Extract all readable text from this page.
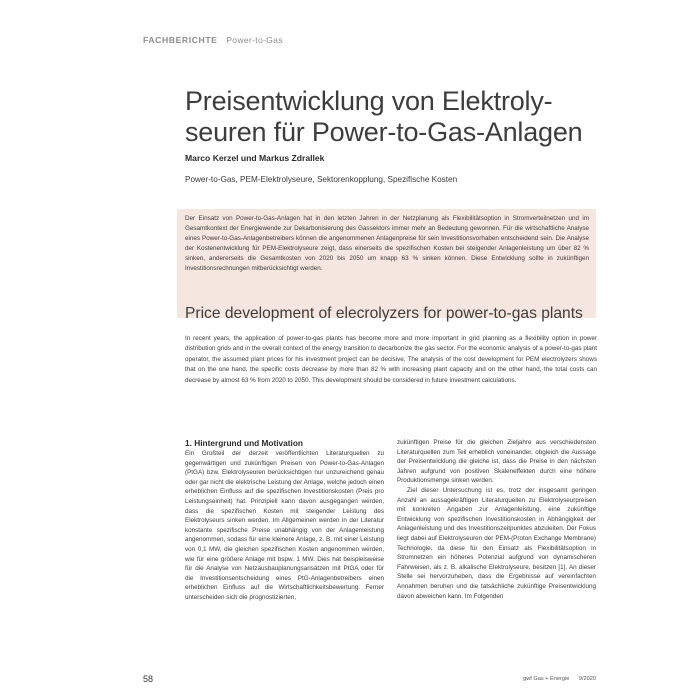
FACHBERICHTE Power-to-Gas
Preisentwicklung von Elektroly-
seuren für Power-to-Gas-Anlagen
Marco Kerzel und Markus Zdrallek
Power-to-Gas, PEM-Elektrolyseure, Sektorenkopplung, Spezifische Kosten
Der Einsatz von Power-to-Gas-Anlagen hat in den letzten Jahren in der Netzplanung als Flexibilitätsoption in Stromverteilnetzen und im Gesamtkontext der Energiewende zur Dekarbonisierung des Gassektors immer mehr an Bedeutung gewonnen. Für die wirtschaftliche Analyse eines Power-to-Gas-Anlagenbetreibers können die angenommenen Anlagenpreise für sein Investitionsvorhaben entscheidend sein. Die Analyse der Kostenentwicklung für PEM-Elektrolyseure zeigt, dass einerseits die spezifischen Kosten bei steigender Anlagenleistung um über 82 % sinken, andererseits die Gesamtkosten von 2020 bis 2050 um knapp 63 % sinken können. Diese Entwicklung sollte in zukünftigen Investitionsrechnungen mitberücksichtigt werden.
Price development of elecrolyzers for power-to-gas plants
In recent years, the application of power-to-gas plants has become more and more important in grid planning as a flexibility option in power distribution grids and in the overall context of the energy transition to decarbonize the gas sector. For the economic analysis of a power-to-gas plant operator, the assumed plant prices for his investment project can be decisive. The analysis of the cost development for PEM electrolyzers shows that on the one hand, the specific costs decrease by more than 82 % with increasing plant capacity and on the other hand, the total costs can decrease by almost 63 % from 2020 to 2050. This development should be considered in future investment calculations.
1. Hintergrund und Motivation

Ein Großteil der derzeit veröffentlichten Literaturquellen zu gegenwärtigen und zukünftigen Preisen von Power-to-Gas-Anlagen (PtGA) bzw. Elektrolyseuren berücksichtigen nur unzureichend genau oder gar nicht die elektrische Leistung der Anlage, welche jedoch einen erheblichen Einfluss auf die spezifischen Investitionskosten (Preis pro Leistungseinheit) hat. Prinzipiell kann davon ausgegangen werden, dass die spezifischen Kosten mit steigender Leistung des Elektrolyseurs sinken werden. Im Allgemeinen werden in der Literatur konstante spezifische Preise unabhängig von der Anlagenleistung angenommen, sodass für eine kleinere Anlage, z. B. mit einer Leistung von 0,1 MW, die gleichen spezifischen Kosten angenommen werden, wie für eine größere Anlage mit bspw. 1 MW. Dies hat beispielsweise für die Analyse von Netzausbauplanungsansätzen mit PtGA oder für die Investitionsentscheidung eines PtG-Anlagenbetreibers einen erheblichen Einfluss auf die Wirtschaftlichkeitsbewertung. Ferner unterscheiden sich die prognostizierten,

zukünftigen Preise für die gleichen Zieljahre aus verschiedensten Literaturquellen zum Teil erheblich voneinander, obgleich die Aussage der Preisentwicklung die gleiche ist, dass die Preise in den nächsten Jahren aufgrund von positiven Skaleneffekten durch eine höhere Produktionsmenge sinken werden.

Ziel dieser Untersuchung ist es, trotz der insgesamt geringen Anzahl an aussagekräftigen Literaturquellen zu Elektrolyseurpreisen mit konkreten Angaben zur Anlagenleistung, eine zukünftige Entwicklung von spezifischen Investitionskosten in Abhängigkeit der Anlagenleistung und des Investitionszeitpunktes abzuleiten. Der Fokus liegt dabei auf Elektrolyseuren der PEM-(Proton Exchange Membrane) Technologie, da diese für den Einsatz als Flexibilitätsoption in Stromnetzen ein höheres Potenzial aufgrund von dynamischeren Fahrweisen, als z. B. alkalische Elektrolyseure, besitzen [1]. An dieser Stelle sei hervorzuheben, dass die Ergebnisse auf vereinfachten Annahmen beruhen und die tatsächliche zukünftige Preisentwicklung davon abweichen kann. Im Folgenden

58	gwf Gas + Energie 9/2020
